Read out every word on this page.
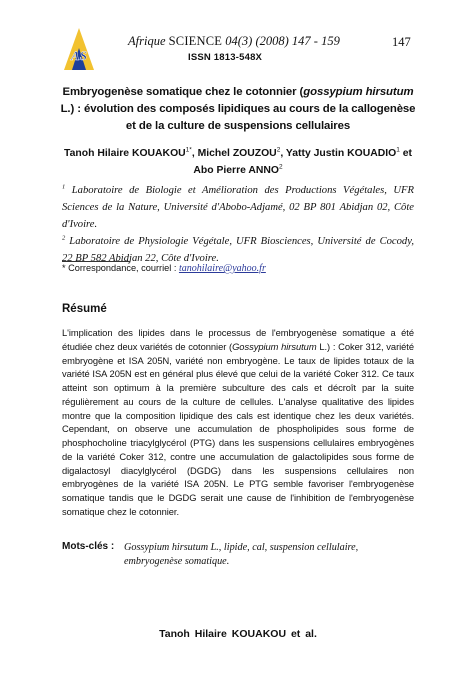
AS
Afrique SCIENCE 04(3) (2008) 147 - 159	147
ISSN 1813-548X
Embryogenèse somatique chez le cotonnier (gossypium hirsutum L.) : évolution des composés lipidiques au cours de la callogenèse et de la culture de suspensions cellulaires
Tanoh Hilaire $KOUAKOU^{1*}$, Michel ZOUZOU$^2$, Yatty Justin KOUADIO$^1$ et
Abo Pierre ANNO$^2$

$^1$ Laboratoire de Biologie et Amélioration des Productions Végétales, UFR Sciences de la Nature, Université d'Abobo-Adjamé, 02 BP 801 Abidjan 02, Côte d'Ivoire.

$^2$ Laboratoire de Physiologie Végétale, UFR Biosciences, Université de Cocody, 22 BP 582 Abidjan 22, Côte d'Ivoire.

* Correspondance, courriel : tanohilaire@yahoo.fr
Résumé

L'implication des lipides dans le processus de l'embryogenèse somatique a été étudiée chez deux variétés de cotonnier (Gossypium hirsutum L.) : Coker 312, variété embryogène et ISA 205N, variété non embryogène. Le taux de lipides totaux de la variété ISA 205N est en général plus élevé que celui de la variété Coker 312. Ce taux atteint son optimum à la première subculture des cals et décroît par la suite régulièrement au cours de la culture de cellules. L'analyse qualitative des lipides montre que la composition lipidique des cals est identique chez les deux variétés. Cependant, on observe une accumulation de phospholipides sous forme de phosphocholine triacylglycérol (PTG) dans les suspensions cellulaires embryogènes de la variété Coker 312, contre une accumulation de galactolipides sous forme de digalactosyl diacylglycérol (DGDG) dans les suspensions cellulaires non embryogènes de la variété ISA 205N. Le PTG semble favoriser l'embryogenèse somatique tandis que le DGDG serait une cause de l'inhibition de l'embryogenèse somatique chez le cotonnier.

Mots-clés : Gossypium hirsutum L., lipide, cal, suspension cellulaire, embryogenèse somatique.
Tanoh Hilaire KOUAKOU et al.
